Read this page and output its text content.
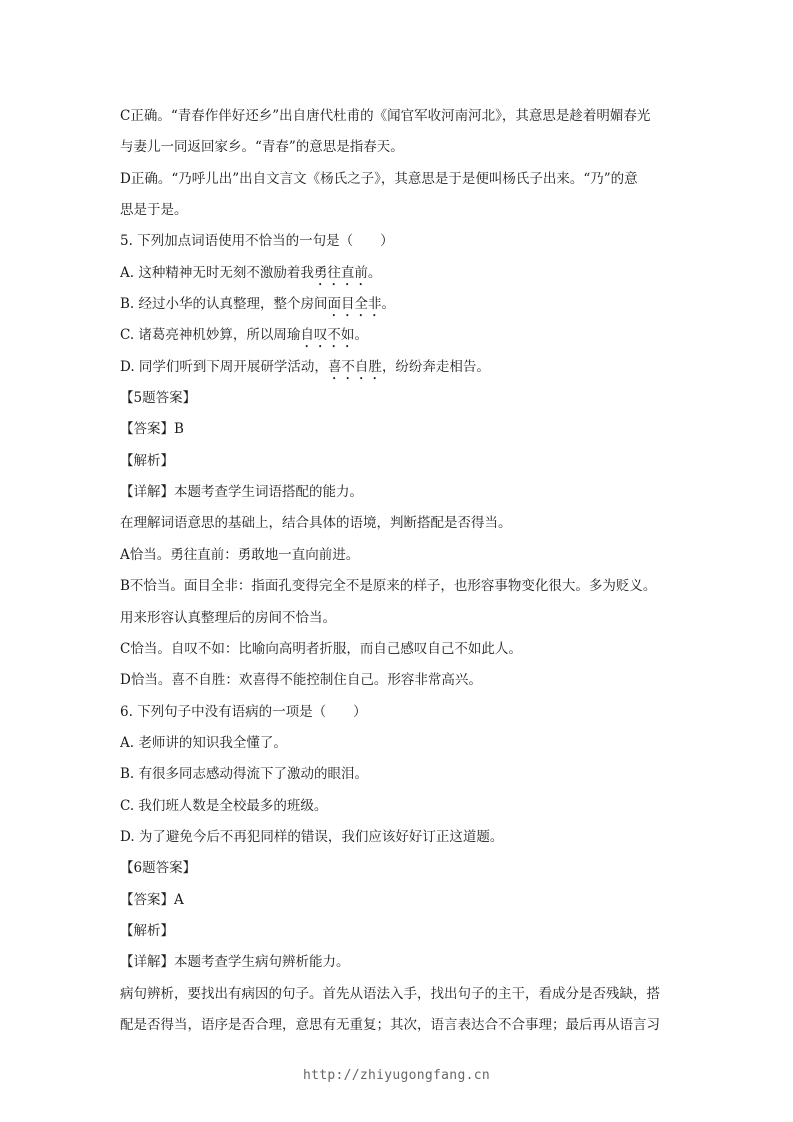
C正确。“青春作伴好还乡”出自唐代杜甫的《闻官军收河南河北》，其意思是趁着明媚春光
与妻儿一同返回家乡。“青春”的意思是指春天。
D正确。“乃呼儿出”出自文言文《杨氏之子》，其意思是于是便叫杨氏子出来。“乃”的意
思是于是。
5. 下列加点词语使用不恰当的一句是（　　）
A. 这种精神无时无刻不激励着我勇往直前。
B. 经过小华的认真整理，整个房间面目全非。
C. 诸葛亮神机妙算，所以周瑜自叹不如。
D. 同学们听到下周开展研学活动，喜不自胜，纷纷奔走相告。
【5题答案】
【答案】B
【解析】
【详解】本题考查学生词语搭配的能力。
在理解词语意思的基础上，结合具体的语境，判断搭配是否得当。
A恰当。勇往直前：勇敢地一直向前进。
B不恰当。面目全非：指面孔变得完全不是原来的样子，也形容事物变化很大。多为贬义。
用来形容认真整理后的房间不恰当。
C恰当。自叹不如：比喻向高明者折服，而自己感叹自己不如此人。
D恰当。喜不自胜：欢喜得不能控制住自己。形容非常高兴。
6. 下列句子中没有语病的一项是（　　）
A. 老师讲的知识我全懂了。
B. 有很多同志感动得流下了激动的眼泪。
C. 我们班人数是全校最多的班级。
D. 为了避免今后不再犯同样的错误，我们应该好好订正这道题。
【6题答案】
【答案】A
【解析】
【详解】本题考查学生病句辨析能力。
病句辨析，要找出有病因的句子。首先从语法入手，找出句子的主干，看成分是否残缺，搭
配是否得当，语序是否合理，意思有无重复；其次，语言表达合不合事理；最后再从语言习
http://zhiyugongfang.cn
